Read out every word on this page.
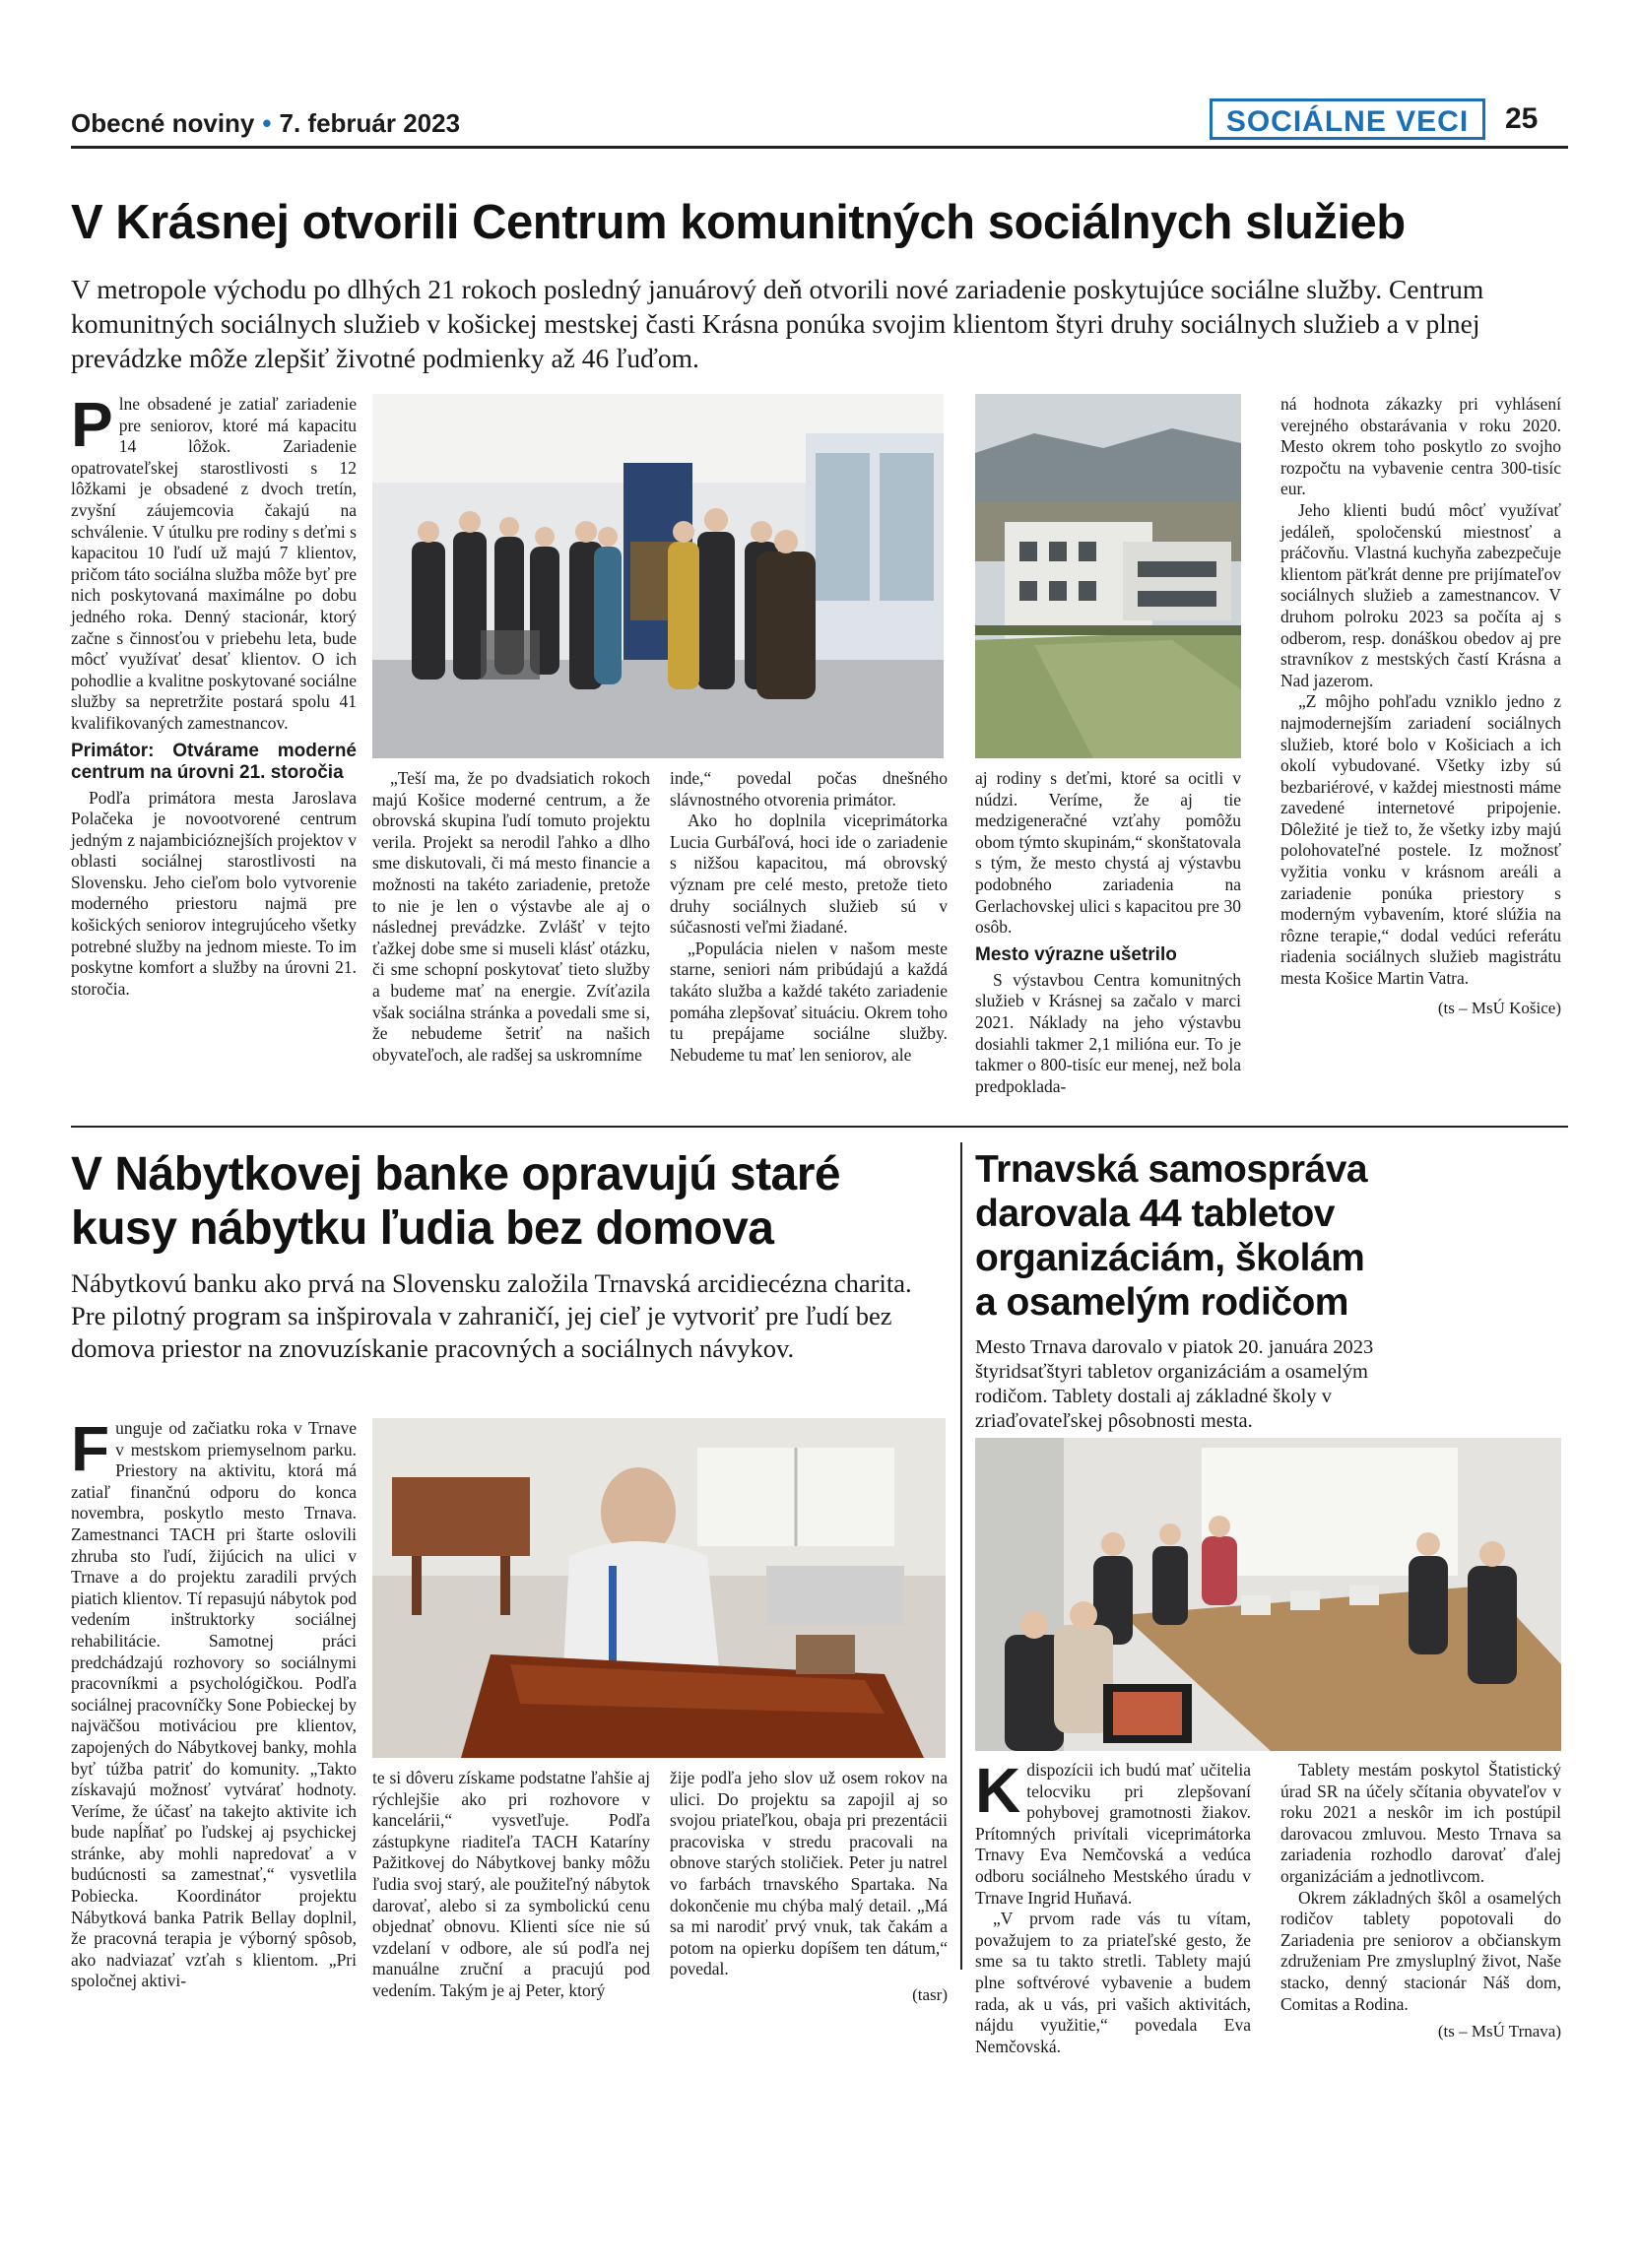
Obecné noviny • 7. február 2023	SOCIÁLNE VECI	25
V Krásnej otvorili Centrum komunitných sociálnych služieb
V metropole východu po dlhých 21 rokoch posledný januárový deň otvorili nové zariadenie poskytujúce sociálne služby. Centrum komunitných sociálnych služieb v košickej mestskej časti Krásna ponúka svojim klientom štyri druhy sociálnych služieb a v plnej prevádzke môže zlepšiť životné podmienky až 46 ľuďom.
P lne obsadené je zatiaľ zariadenie pre seniorov, ktoré má kapacitu 14 lôžok. Zariadenie opatrovateľskej starostlivosti s 12 lôžkami je obsadené z dvoch tretín, zvyšní záujemcovia čakajú na schválenie. V útulku pre rodiny s deťmi s kapacitou 10 ľudí už majú 7 klientov, pričom táto sociálna služba môže byť pre nich poskytovaná maximálne po dobu jedného roka. Denný stacionár, ktorý začne s činnosťou v priebehu leta, bude môcť využívať desať klientov. O ich pohodlie a kvalitne poskytované sociálne služby sa nepretržite postará spolu 41 kvalifikovaných zamestnancov.

Primátor: Otvárame moderné centrum na úrovni 21. storočia

Podľa primátora mesta Jaroslava Polačeka je novootvorené centrum jedným z najambicióznejších projektov v oblasti sociálnej starostlivosti na Slovensku. Jeho cieľom bolo vytvorenie moderného priestoru najmä pre košických seniorov integrujúceho všetky potrebné služby na jednom mieste. To im poskytne komfort a služby na úrovni 21. storočia.

„Teší ma, že po dvadsiatich rokoch majú Košice moderné centrum, a že obrovská skupina ľudí tomuto projektu verila. Projekt sa nerodil ľahko a dlho sme diskutovali, či má mesto financie a možnosti na takéto zariadenie, pretože to nie je len o výstavbe ale aj o následnej prevádzke. Zvlášť v tejto ťažkej dobe sme si museli klásť otázku, či sme schopní poskytovať tieto služby a budeme mať na energie. Zvíťazila však sociálna stránka a povedali sme si, že nebudeme šetriť na našich obyvateľoch, ale radšej sa uskromníme

inde,“ povedal počas dnešného slávnostného otvorenia primátor.

Ako ho doplnila viceprimátorka Lucia Gurbáľová, hoci ide o zariadenie s nižšou kapacitou, má obrovský význam pre celé mesto, pretože tieto druhy sociálnych služieb sú v súčasnosti veľmi žiadané.

„Populácia nielen v našom meste starne, seniori nám pribúdajú a každá takáto služba a každé takéto zariadenie pomáha zlepšovať situáciu. Okrem toho tu prepájame sociálne služby. Nebudeme tu mať len seniorov, ale

aj rodiny s deťmi, ktoré sa ocitli v núdzi. Veríme, že aj tie medzigeneračné vzťahy pomôžu obom týmto skupinám,“ skonštatovala s tým, že mesto chystá aj výstavbu podobného zariadenia na Gerlachovskej ulici s kapacitou pre 30 osôb.

Mesto výrazne ušetrilo

S výstavbou Centra komunitných služieb v Krásnej sa začalo v marci 2021. Náklady na jeho výstavbu dosiahli takmer 2,1 milióna eur. To je takmer o 800-tisíc eur menej, než bola predpoklada-

ná hodnota zákazky pri vyhlásení verejného obstarávania v roku 2020. Mesto okrem toho poskytlo zo svojho rozpočtu na vybavenie centra 300-tisíc eur.

Jeho klienti budú môcť využívať jedáleň, spoločenskú miestnosť a práčovňu. Vlastná kuchyňa zabezpečuje klientom päťkrát denne pre prijímateľov sociálnych služieb a zamestnancov. V druhom polroku 2023 sa počíta aj s odberom, resp. donáškou obedov aj pre stravníkov z mestských častí Krásna a Nad jazerom.

„Z môjho pohľadu vzniklo jedno z najmodernejším zariadení sociálnych služieb, ktoré bolo v Košiciach a ich okolí vybudované. Všetky izby sú bezbariérové, v každej miestnosti máme zavedené internetové pripojenie. Dôležité je tiež to, že všetky izby majú polohovateľné postele. Iz možnosť vyžitia vonku v krásnom areáli a zariadenie ponúka priestory s moderným vybavením, ktoré slúžia na rôzne terapie,“ dodal vedúci referátu riadenia sociálnych služieb magistrátu mesta Košice Martin Vatra.

(ts – MsÚ Košice)
V Nábytkovej banke opravujú staré
kusy nábytku ľudia bez domova
Nábytkovú banku ako prvá na Slovensku založila Trnavská arcidiecézna charita. Pre pilotný program sa inšpirovala v zahraničí, jej cieľ je vytvoriť pre ľudí bez domova priestor na znovuzískanie pracovných a sociálnych návykov.
F unguje od začiatku roka v Trnave v mestskom priemyselnom parku. Priestory na aktivitu, ktorá má zatiaľ finančnú odporu do konca novembra, poskytlo mesto Trnava. Zamestnanci TACH pri štarte oslovili zhruba sto ľudí, žijúcich na ulici v Trnave a do projektu zaradili prvých piatich klientov. Tí repasujú nábytok pod vedením inštruktorky sociálnej rehabilitácie. Samotnej práci predchádzajú rozhovory so sociálnymi pracovníkmi a psychológičkou. Podľa sociálnej pracovníčky Sone Pobieckej by najväčšou motiváciou pre klientov, zapojených do Nábytkovej banky, mohla byť túžba patriť do komunity. „Takto získavajú možnosť vytvárať hodnoty. Veríme, že účasť na takejto aktivite ich bude napĺňať po ľudskej aj psychickej stránke, aby mohli napredovať a v budúcnosti sa zamestnať,“ vysvetlila Pobiecka. Koordinátor projektu Nábytková banka Patrik Bellay doplnil, že pracovná terapia je výborný spôsob, ako nadviazať vzťah s klientom. „Pri spoločnej aktivi-

te si dôveru získame podstatne ľahšie aj rýchlejšie ako pri rozhovore v kancelárii,“ vysvetľuje. Podľa zástupkyne riaditeľa TACH Kataríny Pažitkovej do Nábytkovej banky môžu ľudia svoj starý, ale použiteľný nábytok darovať, alebo si za symbolickú cenu objednať obnovu. Klienti síce nie sú vzdelaní v odbore, ale sú podľa nej manuálne zruční a pracujú pod vedením. Takým je aj Peter, ktorý

žije podľa jeho slov už osem rokov na ulici. Do projektu sa zapojil aj so svojou priateľkou, obaja pri prezentácii pracoviska v stredu pracovali na obnove starých stoličiek. Peter ju natrel vo farbách trnavského Spartaka. Na dokončenie mu chýba malý detail. „Má sa mi narodiť prvý vnuk, tak čakám a potom na opierku dopíšem ten dátum,“ povedal.

(tasr)
Trnavská samospráva
darovala 44 tabletov
organizáciám, školám
a osamelým rodičom
Mesto Trnava darovalo v piatok 20. januára 2023 štyridsaťštyri tabletov organizáciám a osamelým rodičom. Tablety dostali aj základné školy v zriaďovateľskej pôsobnosti mesta.
K dispozícii ich budú mať učitelia telocviku pri zlepšovaní pohybovej gramotnosti žiakov. Prítomných privítali viceprimátorka Trnavy Eva Nemčovská a vedúca odboru sociálneho Mestského úradu v Trnave Ingrid Huňavá.

„V prvom rade vás tu vítam, považujem to za priateľské gesto, že sme sa tu takto stretli. Tablety majú plne softvérové vybavenie a budem rada, ak u vás, pri vašich aktivitách, nájdu využitie,“ povedala Eva Nemčovská.

Tablety mestám poskytol Štatistický úrad SR na účely sčítania obyvateľov v roku 2021 a neskôr im ich postúpil darovacou zmluvou. Mesto Trnava sa zariadenia rozhodlo darovať ďalej organizáciám a jednotlivcom.

Okrem základných škôl a osamelých rodičov tablety popotovali do Zariadenia pre seniorov a občianskym združeniam Pre zmysluplný život, Naše stacko, denný stacionár Náš dom, Comitas a Rodina.

(ts – MsÚ Trnava)
